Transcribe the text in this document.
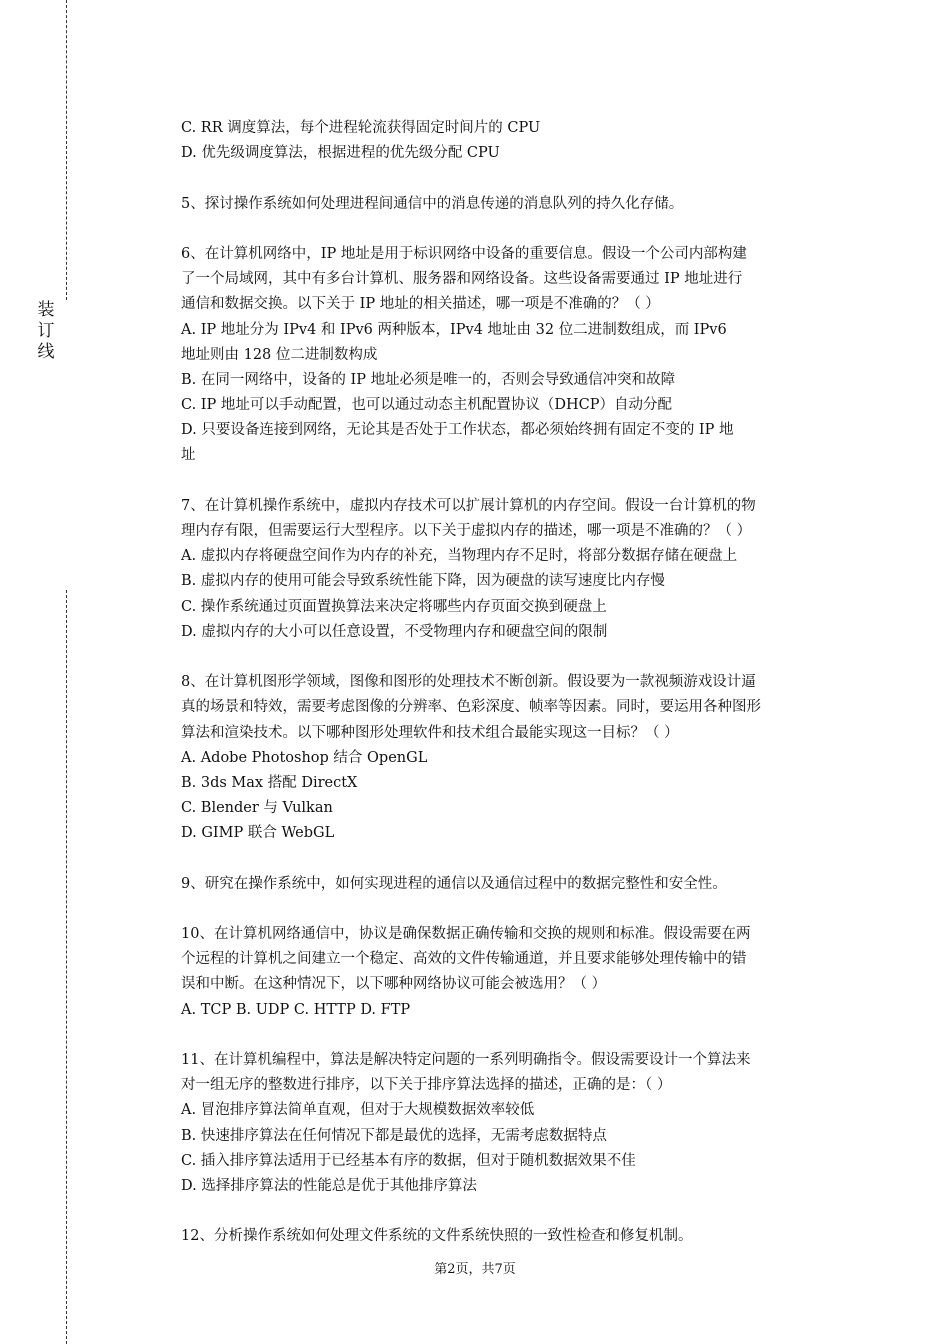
装
订
线
C. RR 调度算法，每个进程轮流获得固定时间片的 CPU
D. 优先级调度算法，根据进程的优先级分配 CPU
5、探讨操作系统如何处理进程间通信中的消息传递的消息队列的持久化存储。
6、在计算机网络中，IP 地址是用于标识网络中设备的重要信息。假设一个公司内部构建
了一个局域网，其中有多台计算机、服务器和网络设备。这些设备需要通过 IP 地址进行
通信和数据交换。以下关于 IP 地址的相关描述，哪一项是不准确的？（ ）
A. IP 地址分为 IPv4 和 IPv6 两种版本，IPv4 地址由 32 位二进制数组成，而 IPv6
地址则由 128 位二进制数构成
B. 在同一网络中，设备的 IP 地址必须是唯一的，否则会导致通信冲突和故障
C. IP 地址可以手动配置，也可以通过动态主机配置协议（DHCP）自动分配
D. 只要设备连接到网络，无论其是否处于工作状态，都必须始终拥有固定不变的 IP 地
址
7、在计算机操作系统中，虚拟内存技术可以扩展计算机的内存空间。假设一台计算机的物
理内存有限，但需要运行大型程序。以下关于虚拟内存的描述，哪一项是不准确的？（ ）
A. 虚拟内存将硬盘空间作为内存的补充，当物理内存不足时，将部分数据存储在硬盘上
B. 虚拟内存的使用可能会导致系统性能下降，因为硬盘的读写速度比内存慢
C. 操作系统通过页面置换算法来决定将哪些内存页面交换到硬盘上
D. 虚拟内存的大小可以任意设置，不受物理内存和硬盘空间的限制
8、在计算机图形学领域，图像和图形的处理技术不断创新。假设要为一款视频游戏设计逼
真的场景和特效，需要考虑图像的分辨率、色彩深度、帧率等因素。同时，要运用各种图形
算法和渲染技术。以下哪种图形处理软件和技术组合最能实现这一目标？（ ）
A. Adobe Photoshop 结合 OpenGL
B. 3ds Max 搭配 DirectX
C. Blender 与 Vulkan
D. GIMP 联合 WebGL
9、研究在操作系统中，如何实现进程的通信以及通信过程中的数据完整性和安全性。
10、在计算机网络通信中，协议是确保数据正确传输和交换的规则和标准。假设需要在两
个远程的计算机之间建立一个稳定、高效的文件传输通道，并且要求能够处理传输中的错
误和中断。在这种情况下，以下哪种网络协议可能会被选用？（ ）
A. TCP B. UDP C. HTTP D. FTP
11、在计算机编程中，算法是解决特定问题的一系列明确指令。假设需要设计一个算法来
对一组无序的整数进行排序，以下关于排序算法选择的描述，正确的是：（ ）
A. 冒泡排序算法简单直观，但对于大规模数据效率较低
B. 快速排序算法在任何情况下都是最优的选择，无需考虑数据特点
C. 插入排序算法适用于已经基本有序的数据，但对于随机数据效果不佳
D. 选择排序算法的性能总是优于其他排序算法
12、分析操作系统如何处理文件系统的文件系统快照的一致性检查和修复机制。
第2页，共7页
